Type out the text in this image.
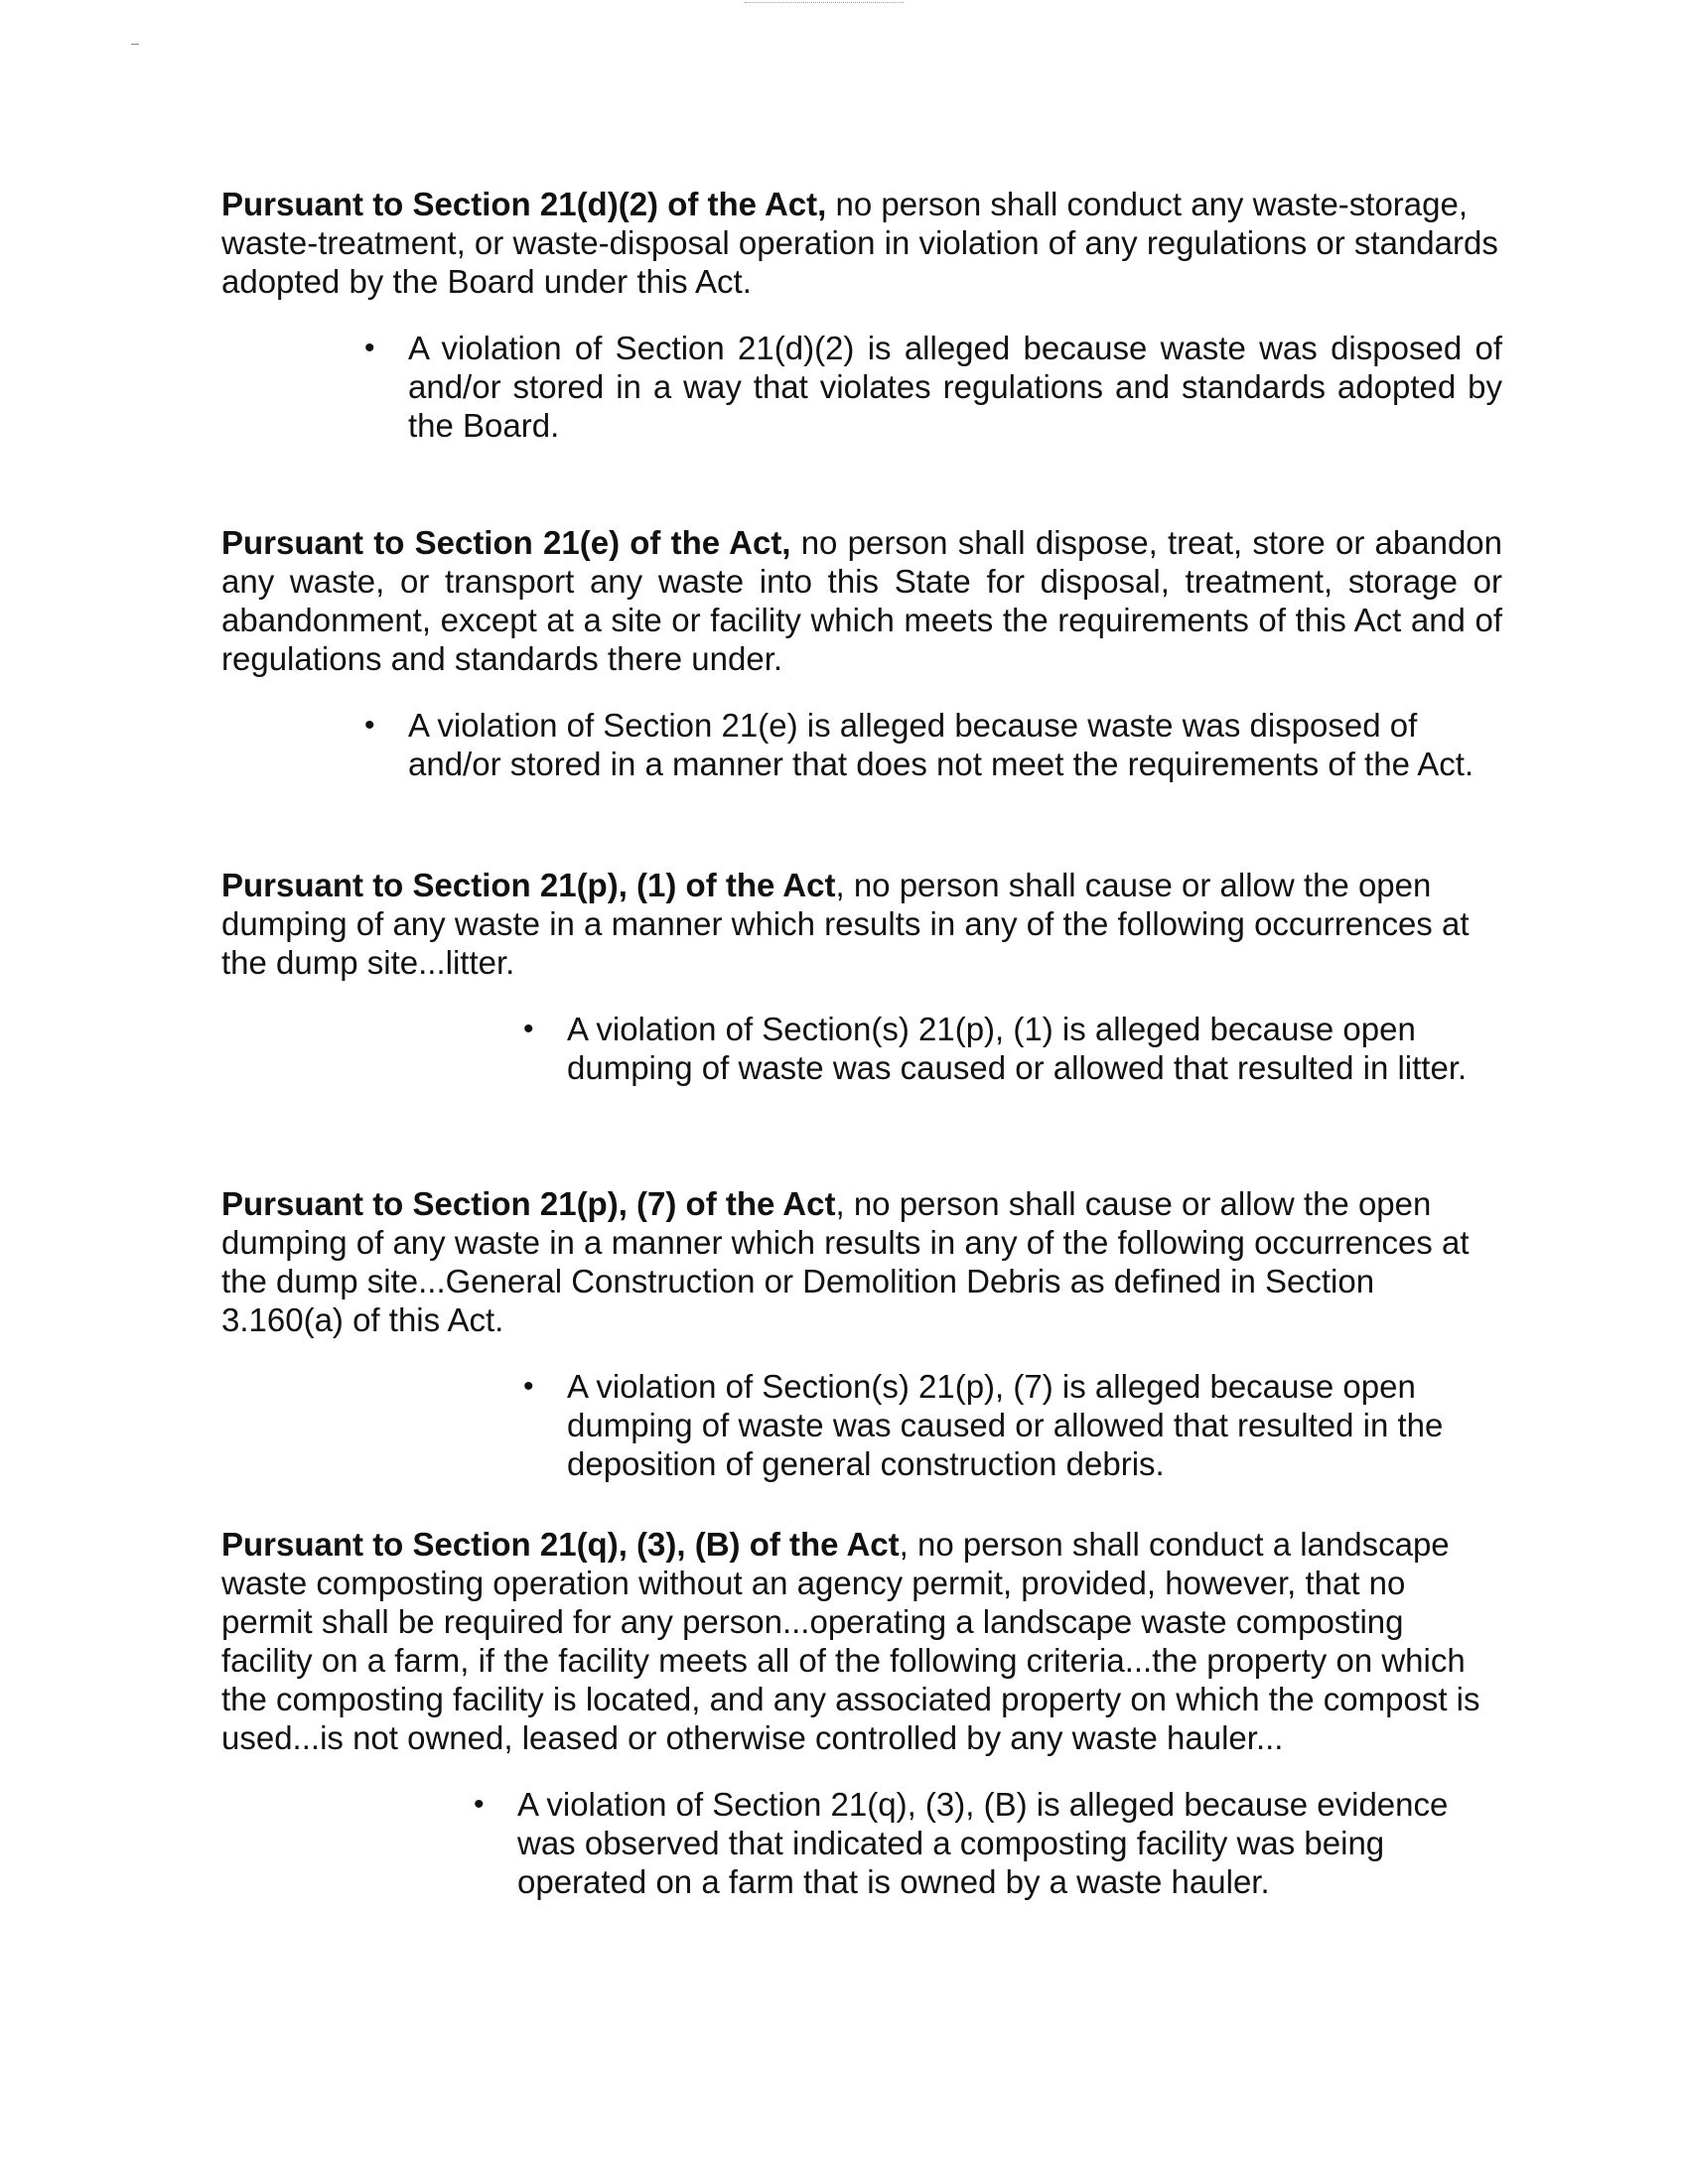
Pursuant to Section 21(d)(2) of the Act, no person shall conduct any waste-storage, waste-treatment, or waste-disposal operation in violation of any regulations or standards adopted by the Board under this Act.

• A violation of Section 21(d)(2) is alleged because waste was disposed of and/or stored in a way that violates regulations and standards adopted by the Board.

Pursuant to Section 21(e) of the Act, no person shall dispose, treat, store or abandon any waste, or transport any waste into this State for disposal, treatment, storage or abandonment, except at a site or facility which meets the requirements of this Act and of regulations and standards there under.

• A violation of Section 21(e) is alleged because waste was disposed of and/or stored in a manner that does not meet the requirements of the Act.

Pursuant to Section 21(p), (1) of the Act, no person shall cause or allow the open dumping of any waste in a manner which results in any of the following occurrences at the dump site...litter.

• A violation of Section(s) 21(p), (1) is alleged because open dumping of waste was caused or allowed that resulted in litter.

Pursuant to Section 21(p), (7) of the Act, no person shall cause or allow the open dumping of any waste in a manner which results in any of the following occurrences at the dump site...General Construction or Demolition Debris as defined in Section 3.160(a) of this Act.

• A violation of Section(s) 21(p), (7) is alleged because open dumping of waste was caused or allowed that resulted in the deposition of general construction debris.

Pursuant to Section 21(q), (3), (B) of the Act, no person shall conduct a landscape waste composting operation without an agency permit, provided, however, that no permit shall be required for any person...operating a landscape waste composting facility on a farm, if the facility meets all of the following criteria...the property on which the composting facility is located, and any associated property on which the compost is used...is not owned, leased or otherwise controlled by any waste hauler...

• A violation of Section 21(q), (3), (B) is alleged because evidence was observed that indicated a composting facility was being operated on a farm that is owned by a waste hauler.
